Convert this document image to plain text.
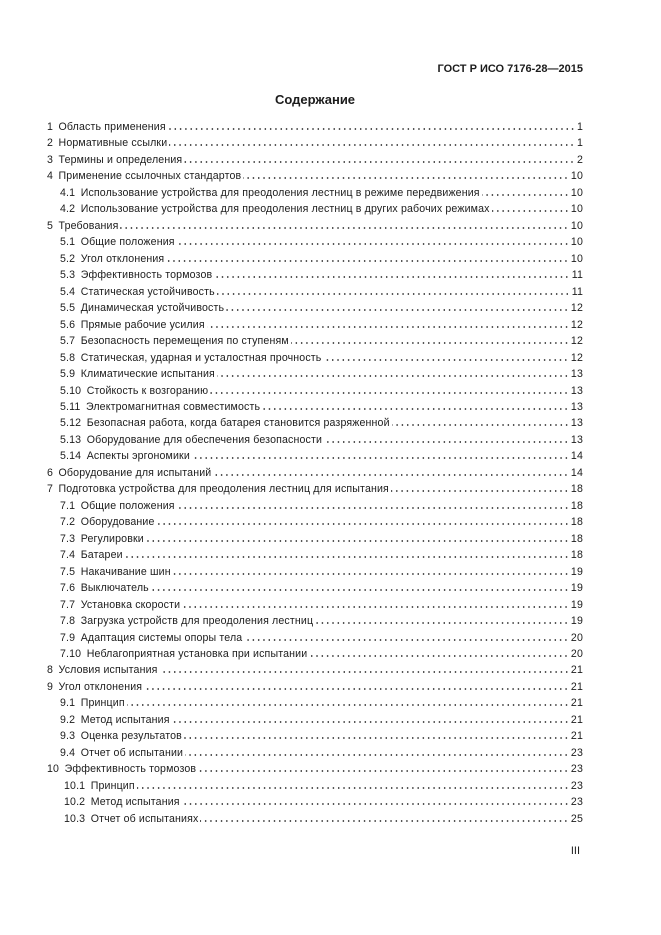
ГОСТ Р ИСО 7176-28—2015
Содержание
1 Область применения	1
2 Нормативные ссылки	1
3 Термины и определения	2
4 Применение ссылочных стандартов	10
4.1 Использование устройства для преодоления лестниц в режиме передвижения	10
4.2 Использование устройства для преодоления лестниц в других рабочих режимах	10
5 Требования	10
5.1 Общие положения	10
5.2 Угол отклонения	10
5.3 Эффективность тормозов	11
5.4 Статическая устойчивость	11
5.5 Динамическая устойчивость	12
5.6 Прямые рабочие усилия	12
5.7 Безопасность перемещения по ступеням	12
5.8 Статическая, ударная и усталостная прочность	12
5.9 Климатические испытания	13
5.10 Стойкость к возгоранию	13
5.11 Электромагнитная совместимость	13
5.12 Безопасная работа, когда батарея становится разряженной	13
5.13 Оборудование для обеспечения безопасности	13
5.14 Аспекты эргономики	14
6 Оборудование для испытаний	14
7 Подготовка устройства для преодоления лестниц для испытания	18
7.1 Общие положения	18
7.2 Оборудование	18
7.3 Регулировки	18
7.4 Батареи	18
7.5 Накачивание шин	19
7.6 Выключатель	19
7.7 Установка скорости	19
7.8 Загрузка устройств для преодоления лестниц	19
7.9 Адаптация системы опоры тела	20
7.10 Неблагоприятная установка при испытании	20
8 Условия испытания	21
9 Угол отклонения	21
9.1 Принцип	21
9.2 Метод испытания	21
9.3 Оценка результатов	21
9.4 Отчет об испытании	23
10 Эффективность тормозов	23
10.1 Принцип	23
10.2 Метод испытания	23
10.3 Отчет об испытаниях	25
III
